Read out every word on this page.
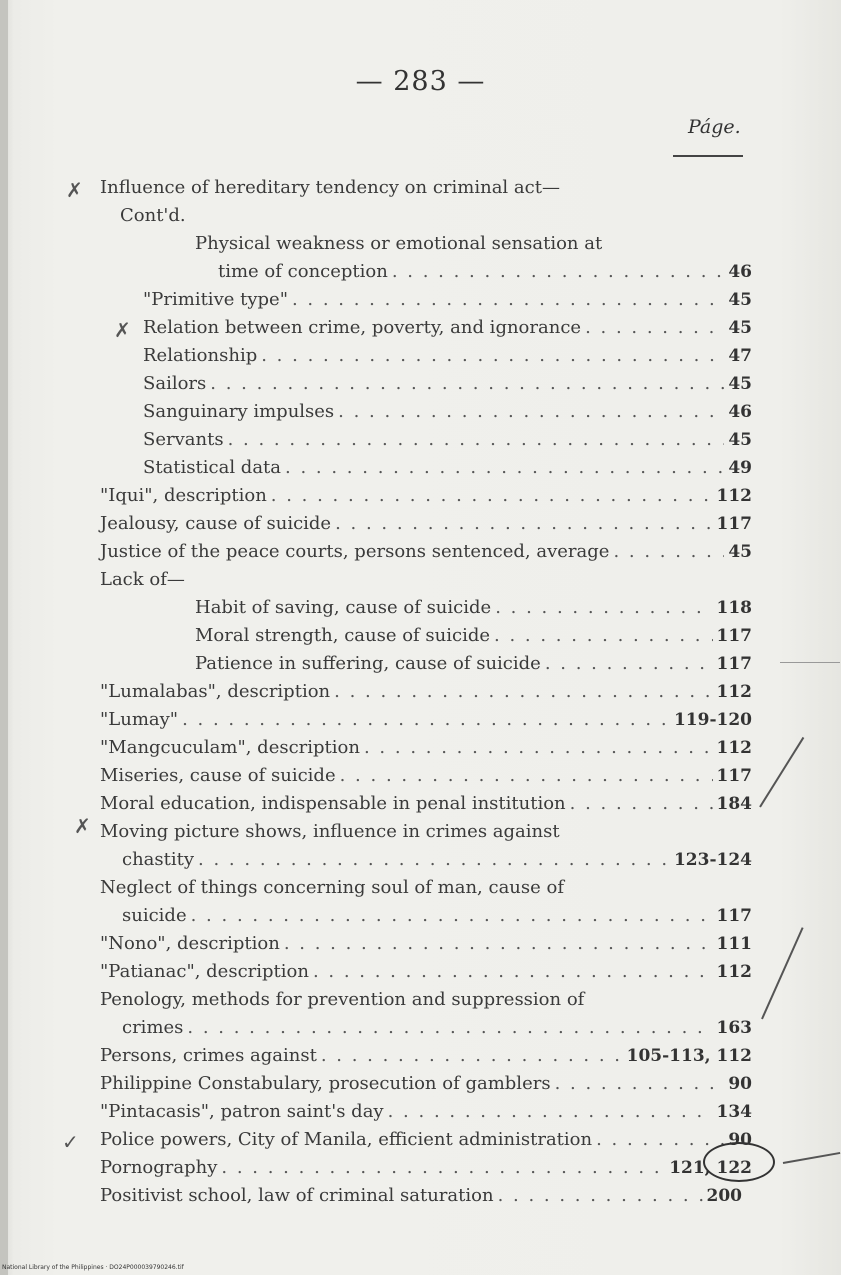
— 283 —
Páge.
Influence of hereditary tendency on criminal act—
Cont'd.
Physical weakness or emotional sensation at
time of conception . . .	46
"Primitive type" . . .	45
Relation between crime, poverty, and ignorance . . .	45
Relationship . . .	47
Sailors . . .	45
Sanguinary impulses . . .	46
Servants . . .	45
Statistical data . . .	49
"Iqui", description . . .	112
Jealousy, cause of suicide . . .	117
Justice of the peace courts, persons sentenced, average . . .	45
Lack of—
Habit of saving, cause of suicide . . .	118
Moral strength, cause of suicide . . .	117
Patience in suffering, cause of suicide . . .	117
"Lumalabas", description . . .	112
"Lumay" . . .	119-120
"Mangcuculam", description . . .	112
Miseries, cause of suicide . . .	117
Moral education, indispensable in penal institution . . .	184
Moving picture shows, influence in crimes against
chastity . . .	123-124
Neglect of things concerning soul of man, cause of
suicide . . .	117
"Nono", description . . .	111
"Patianac", description . . .	112
Penology, methods for prevention and suppression of
crimes . . .	163
Persons, crimes against . . .	105-113, 112
Philippine Constabulary, prosecution of gamblers . . .	90
"Pintacasis", patron saint's day . . .	134
Police powers, City of Manila, efficient administration . . .	90
Pornography . . .	121, 122
Positivist school, law of criminal saturation . . .	200
✗
✗
✗
✓
National Library of the Philippines · DO24P000039790246.tif
